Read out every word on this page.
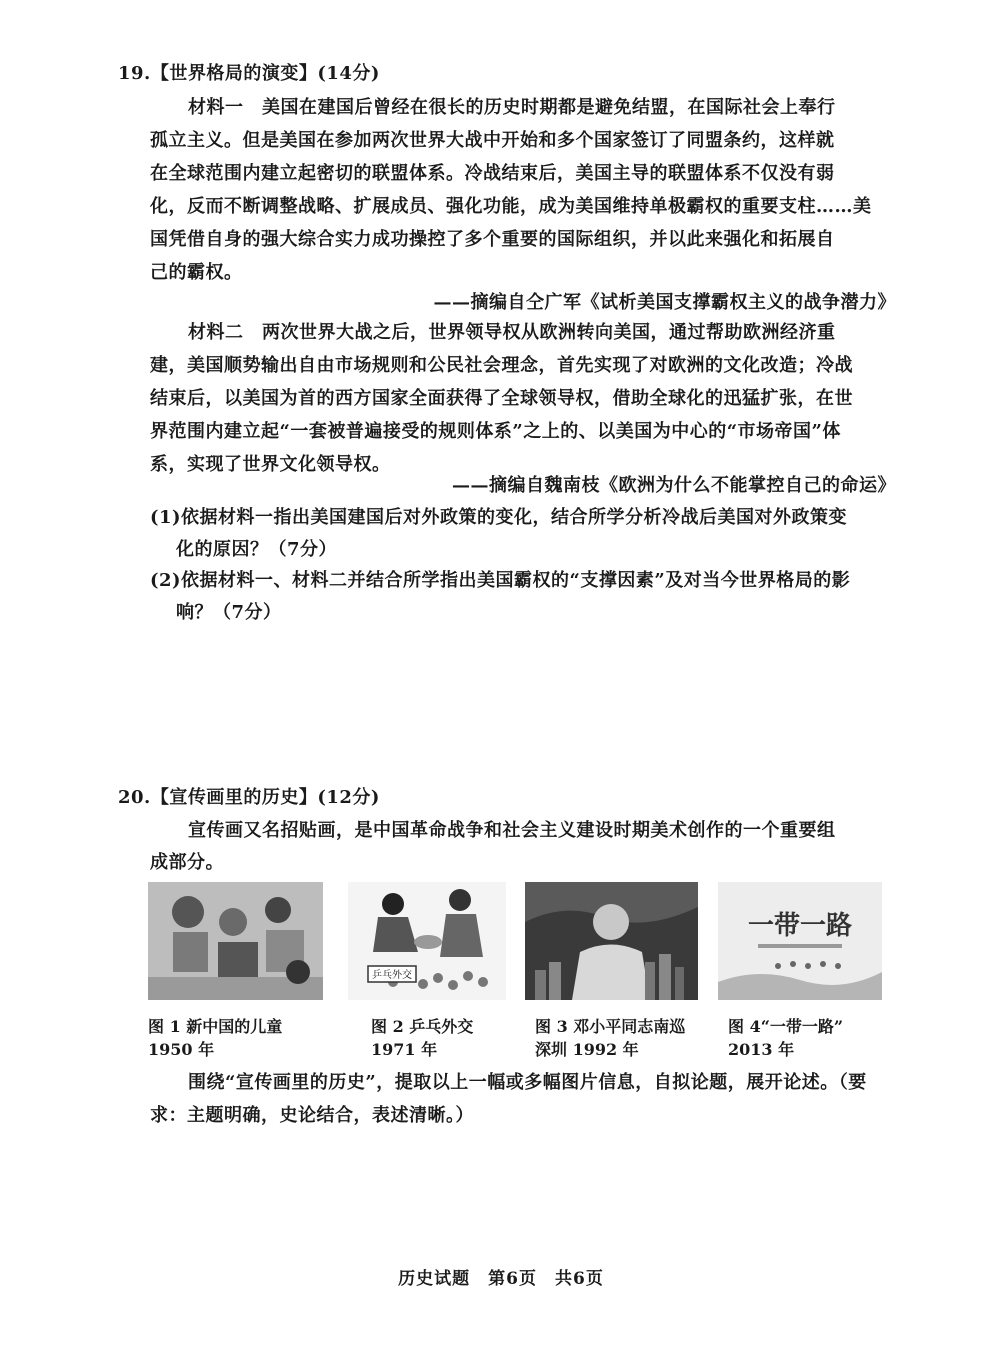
19.【世界格局的演变】(14分)
材料一　美国在建国后曾经在很长的历史时期都是避免结盟，在国际社会上奉行
孤立主义。但是美国在参加两次世界大战中开始和多个国家签订了同盟条约，这样就
在全球范围内建立起密切的联盟体系。冷战结束后，美国主导的联盟体系不仅没有弱
化，反而不断调整战略、扩展成员、强化功能，成为美国维持单极霸权的重要支柱……美
国凭借自身的强大综合实力成功操控了多个重要的国际组织，并以此来强化和拓展自
己的霸权。
——摘编自仝广军《试析美国支撑霸权主义的战争潜力》
材料二　两次世界大战之后，世界领导权从欧洲转向美国，通过帮助欧洲经济重
建，美国顺势输出自由市场规则和公民社会理念，首先实现了对欧洲的文化改造；冷战
结束后，以美国为首的西方国家全面获得了全球领导权，借助全球化的迅猛扩张，在世
界范围内建立起“一套被普遍接受的规则体系”之上的、以美国为中心的“市场帝国”体
系，实现了世界文化领导权。
——摘编自魏南枝《欧洲为什么不能掌控自己的命运》
(1)依据材料一指出美国建国后对外政策的变化，结合所学分析冷战后美国对外政策变
化的原因？（7分）
(2)依据材料一、材料二并结合所学指出美国霸权的“支撑因素”及对当今世界格局的影
响？（7分）
20.【宣传画里的历史】(12分)
宣传画又名招贴画，是中国革命战争和社会主义建设时期美术创作的一个重要组
成部分。
图 1 新中国的儿童
1950 年
乒乓外交
图 2 乒乓外交
1971 年
图 3 邓小平同志南巡
深圳 1992 年
一带一路
图 4“一带一路”
2013 年
围绕“宣传画里的历史”，提取以上一幅或多幅图片信息，自拟论题，展开论述。（要
求：主题明确，史论结合，表述清晰。）
历史试题　第6页　共6页
